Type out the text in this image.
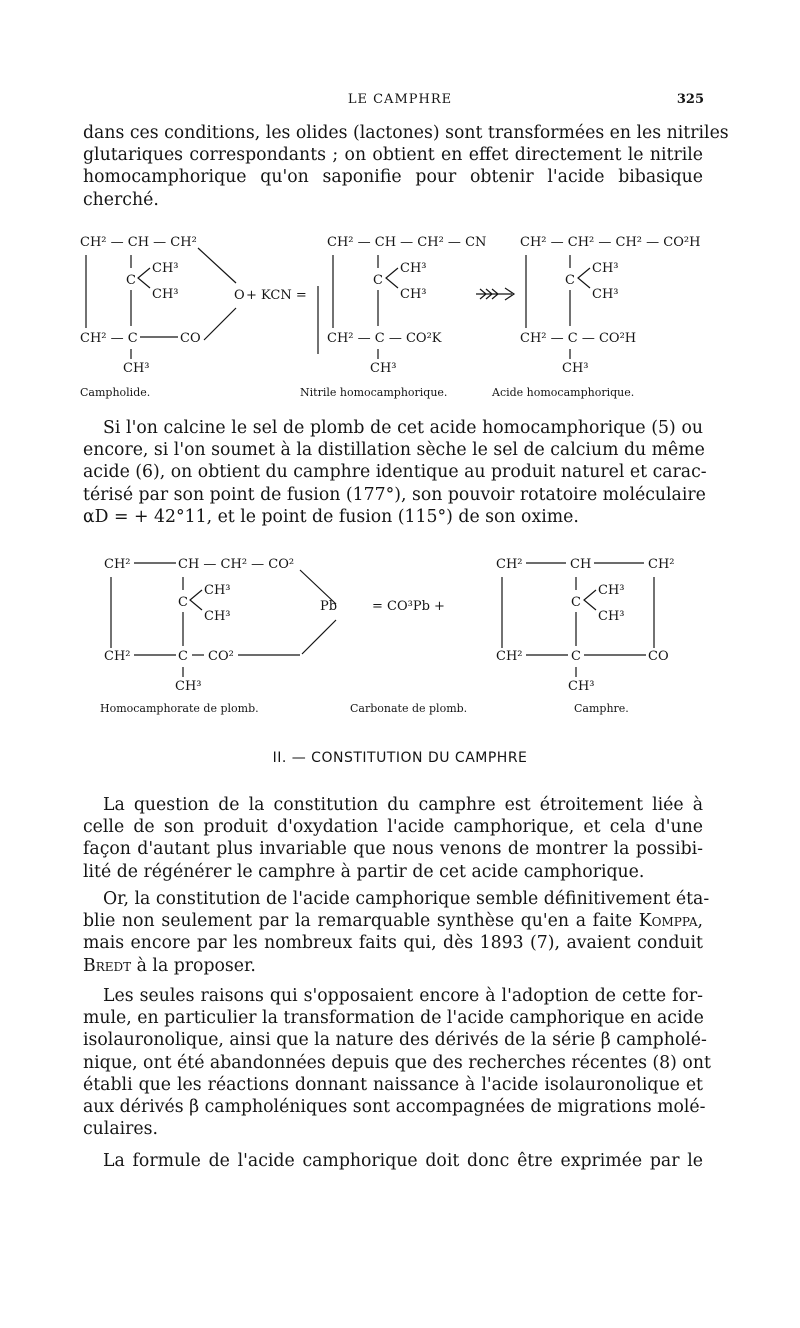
LE CAMPHRE	325

dans ces conditions, les olides (lactones) sont transformées en les nitriles
glutariques correspondants ; on obtient en effet directement le nitrile
homocamphorique qu'on saponifie pour obtenir l'acide bibasique
cherché.

CH² — CH — CH²
C
CH³
CH³	O
CH² — C	CO
CH³
Campholide.
+ KCN =
CH² — CH — CH² — CN
C
CH³
CH³
CH² — C — CO²K
CH³
Nitrile homocamphorique.
CH² — CH² — CH² — CO²H
C
CH³
CH³
CH² — C — CO²H
CH³
Acide homocamphorique.

Si l'on calcine le sel de plomb de cet acide homocamphorique (5) ou
encore, si l'on soumet à la distillation sèche le sel de calcium du même
acide (6), on obtient du camphre identique au produit naturel et carac-
térisé par son point de fusion (177°), son pouvoir rotatoire moléculaire
αD = + 42°11, et le point de fusion (115°) de son oxime.

CH²	CH — CH² — CO²
C
CH³
CH³
Pb
CH²	C CO²
CH³
Homocamphorate de plomb.
= CO³Pb +
Carbonate de plomb.
CH²	CH	CH²
C
CH³
CH³
CH²	C	CO
CH³
Camphre.
II. — CONSTITUTION DU CAMPHRE

La question de la constitution du camphre est étroitement liée à
celle de son produit d'oxydation l'acide camphorique, et cela d'une
façon d'autant plus invariable que nous venons de montrer la possibi-
lité de régénérer le camphre à partir de cet acide camphorique.

Or, la constitution de l'acide camphorique semble définitivement éta-
blie non seulement par la remarquable synthèse qu'en a faite Komppa,
mais encore par les nombreux faits qui, dès 1893 (7), avaient conduit
Bredt à la proposer.

Les seules raisons qui s'opposaient encore à l'adoption de cette for-
mule, en particulier la transformation de l'acide camphorique en acide
isolauronolique, ainsi que la nature des dérivés de la série β campholé-
nique, ont été abandonnées depuis que des recherches récentes (8) ont
établi que les réactions donnant naissance à l'acide isolauronolique et
aux dérivés β campholéniques sont accompagnées de migrations molé-
culaires.

La formule de l'acide camphorique doit donc être exprimée par le
